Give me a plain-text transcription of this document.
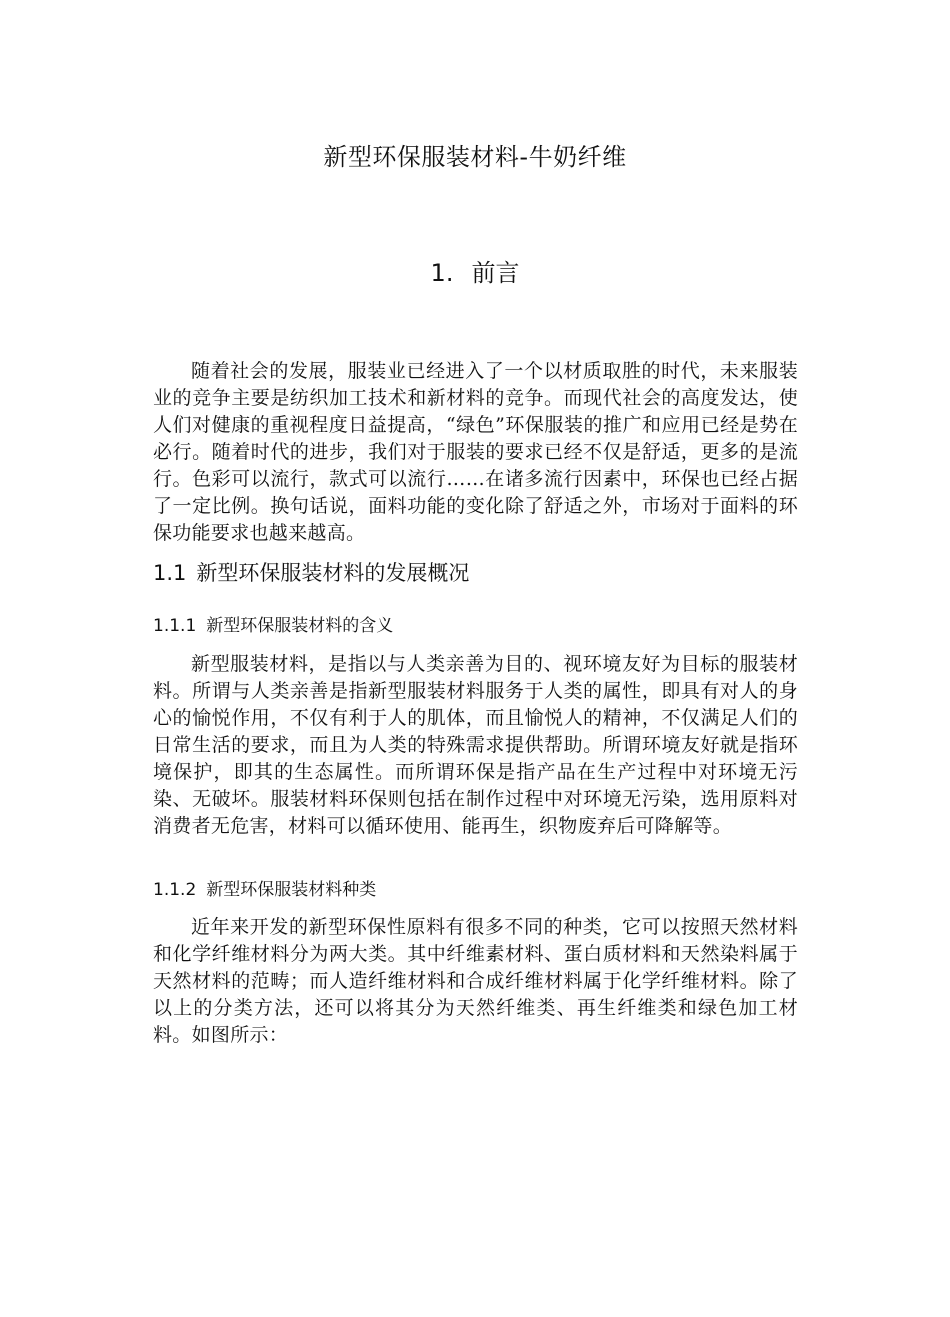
新型环保服装材料-牛奶纤维
1. 前言

随着社会的发展，服装业已经进入了一个以材质取胜的时代，未来服装业的竞争主要是纺织加工技术和新材料的竞争。而现代社会的高度发达，使人们对健康的重视程度日益提高，“绿色”环保服装的推广和应用已经是势在必行。随着时代的进步，我们对于服装的要求已经不仅是舒适，更多的是流行。色彩可以流行，款式可以流行……在诸多流行因素中，环保也已经占据了一定比例。换句话说，面料功能的变化除了舒适之外，市场对于面料的环保功能要求也越来越高。

1.1 新型环保服装材料的发展概况
1.1.1 新型环保服装材料的含义

新型服装材料，是指以与人类亲善为目的、视环境友好为目标的服装材料。所谓与人类亲善是指新型服装材料服务于人类的属性，即具有对人的身心的愉悦作用，不仅有利于人的肌体，而且愉悦人的精神，不仅满足人们的日常生活的要求，而且为人类的特殊需求提供帮助。所谓环境友好就是指环境保护，即其的生态属性。而所谓环保是指产品在生产过程中对环境无污染、无破坏。服装材料环保则包括在制作过程中对环境无污染，选用原料对消费者无危害，材料可以循环使用、能再生，织物废弃后可降解等。

1.1.2 新型环保服装材料种类

近年来开发的新型环保性原料有很多不同的种类，它可以按照天然材料和化学纤维材料分为两大类。其中纤维素材料、蛋白质材料和天然染料属于天然材料的范畴；而人造纤维材料和合成纤维材料属于化学纤维材料。除了以上的分类方法，还可以将其分为天然纤维类、再生纤维类和绿色加工材料。如图所示：
